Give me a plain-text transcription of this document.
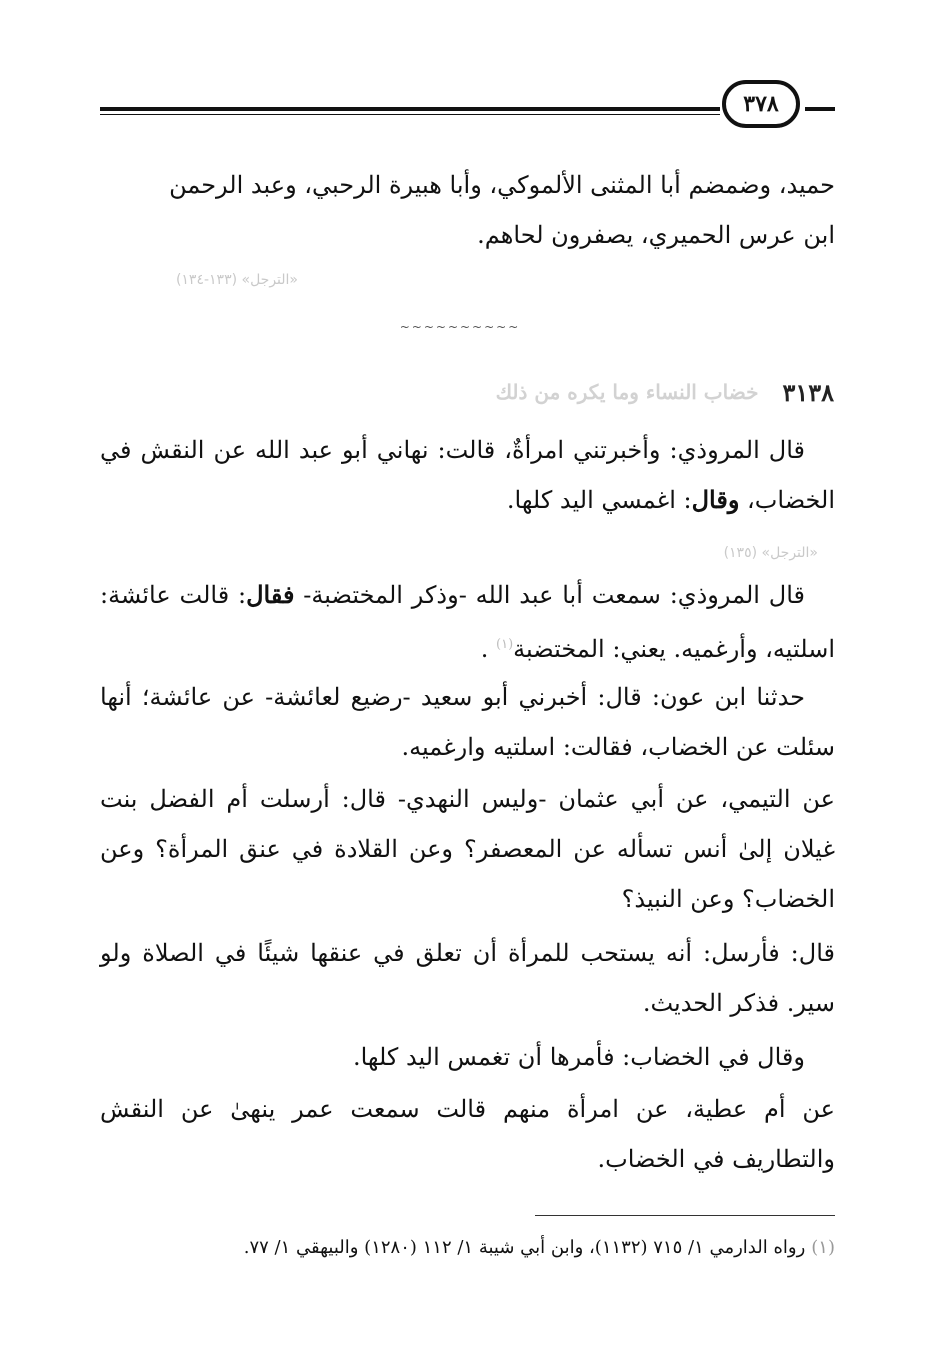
٣٧٨

حميد، وضمضم أبا المثنى الألموكي، وأبا هبيرة الرحبي، وعبد الرحمن

ابن عرس الحميري، يصفرون لحاهم.

«الترجل» (١٣٣-١٣٤)
~~~~~~~~~~
٣١٣٨
خضاب النساء وما يكره من ذلك

قال المروذي: وأخبرتني امرأةٌ، قالت: نهاني أبو عبد الله عن النقش في الخضاب، وقال: اغمسي اليد كلها.

«الترجل» (١٣٥)

قال المروذي: سمعت أبا عبد الله -وذكر المختضبة- فقال: قالت عائشة: اسلتيه، وأرغميه. يعني: المختضبة$^{(١)}$ .

حدثنا ابن عون: قال: أخبرني أبو سعيد -رضيع لعائشة- عن عائشة؛ أنها سئلت عن الخضاب، فقالت: اسلتيه وارغميه.

عن التيمي، عن أبي عثمان -وليس النهدي- قال: أرسلت أم الفضل بنت غيلان إلىٰ أنس تسأله عن المعصفر؟ وعن القلادة في عنق المرأة؟ وعن الخضاب؟ وعن النبيذ؟

قال: فأرسل: أنه يستحب للمرأة أن تعلق في عنقها شيئًا في الصلاة ولو سير. فذكر الحديث.

وقال في الخضاب: فأمرها أن تغمس اليد كلها.

عن أم عطية، عن امرأة منهم قالت سمعت عمر ينهىٰ عن النقش والتطاريف في الخضاب.

(١)رواه الدارمي ١/ ٧١٥ (١١٣٢)، وابن أبي شيبة ١/ ١١٢ (١٢٨٠) والبيهقي ١/ ٧٧.
